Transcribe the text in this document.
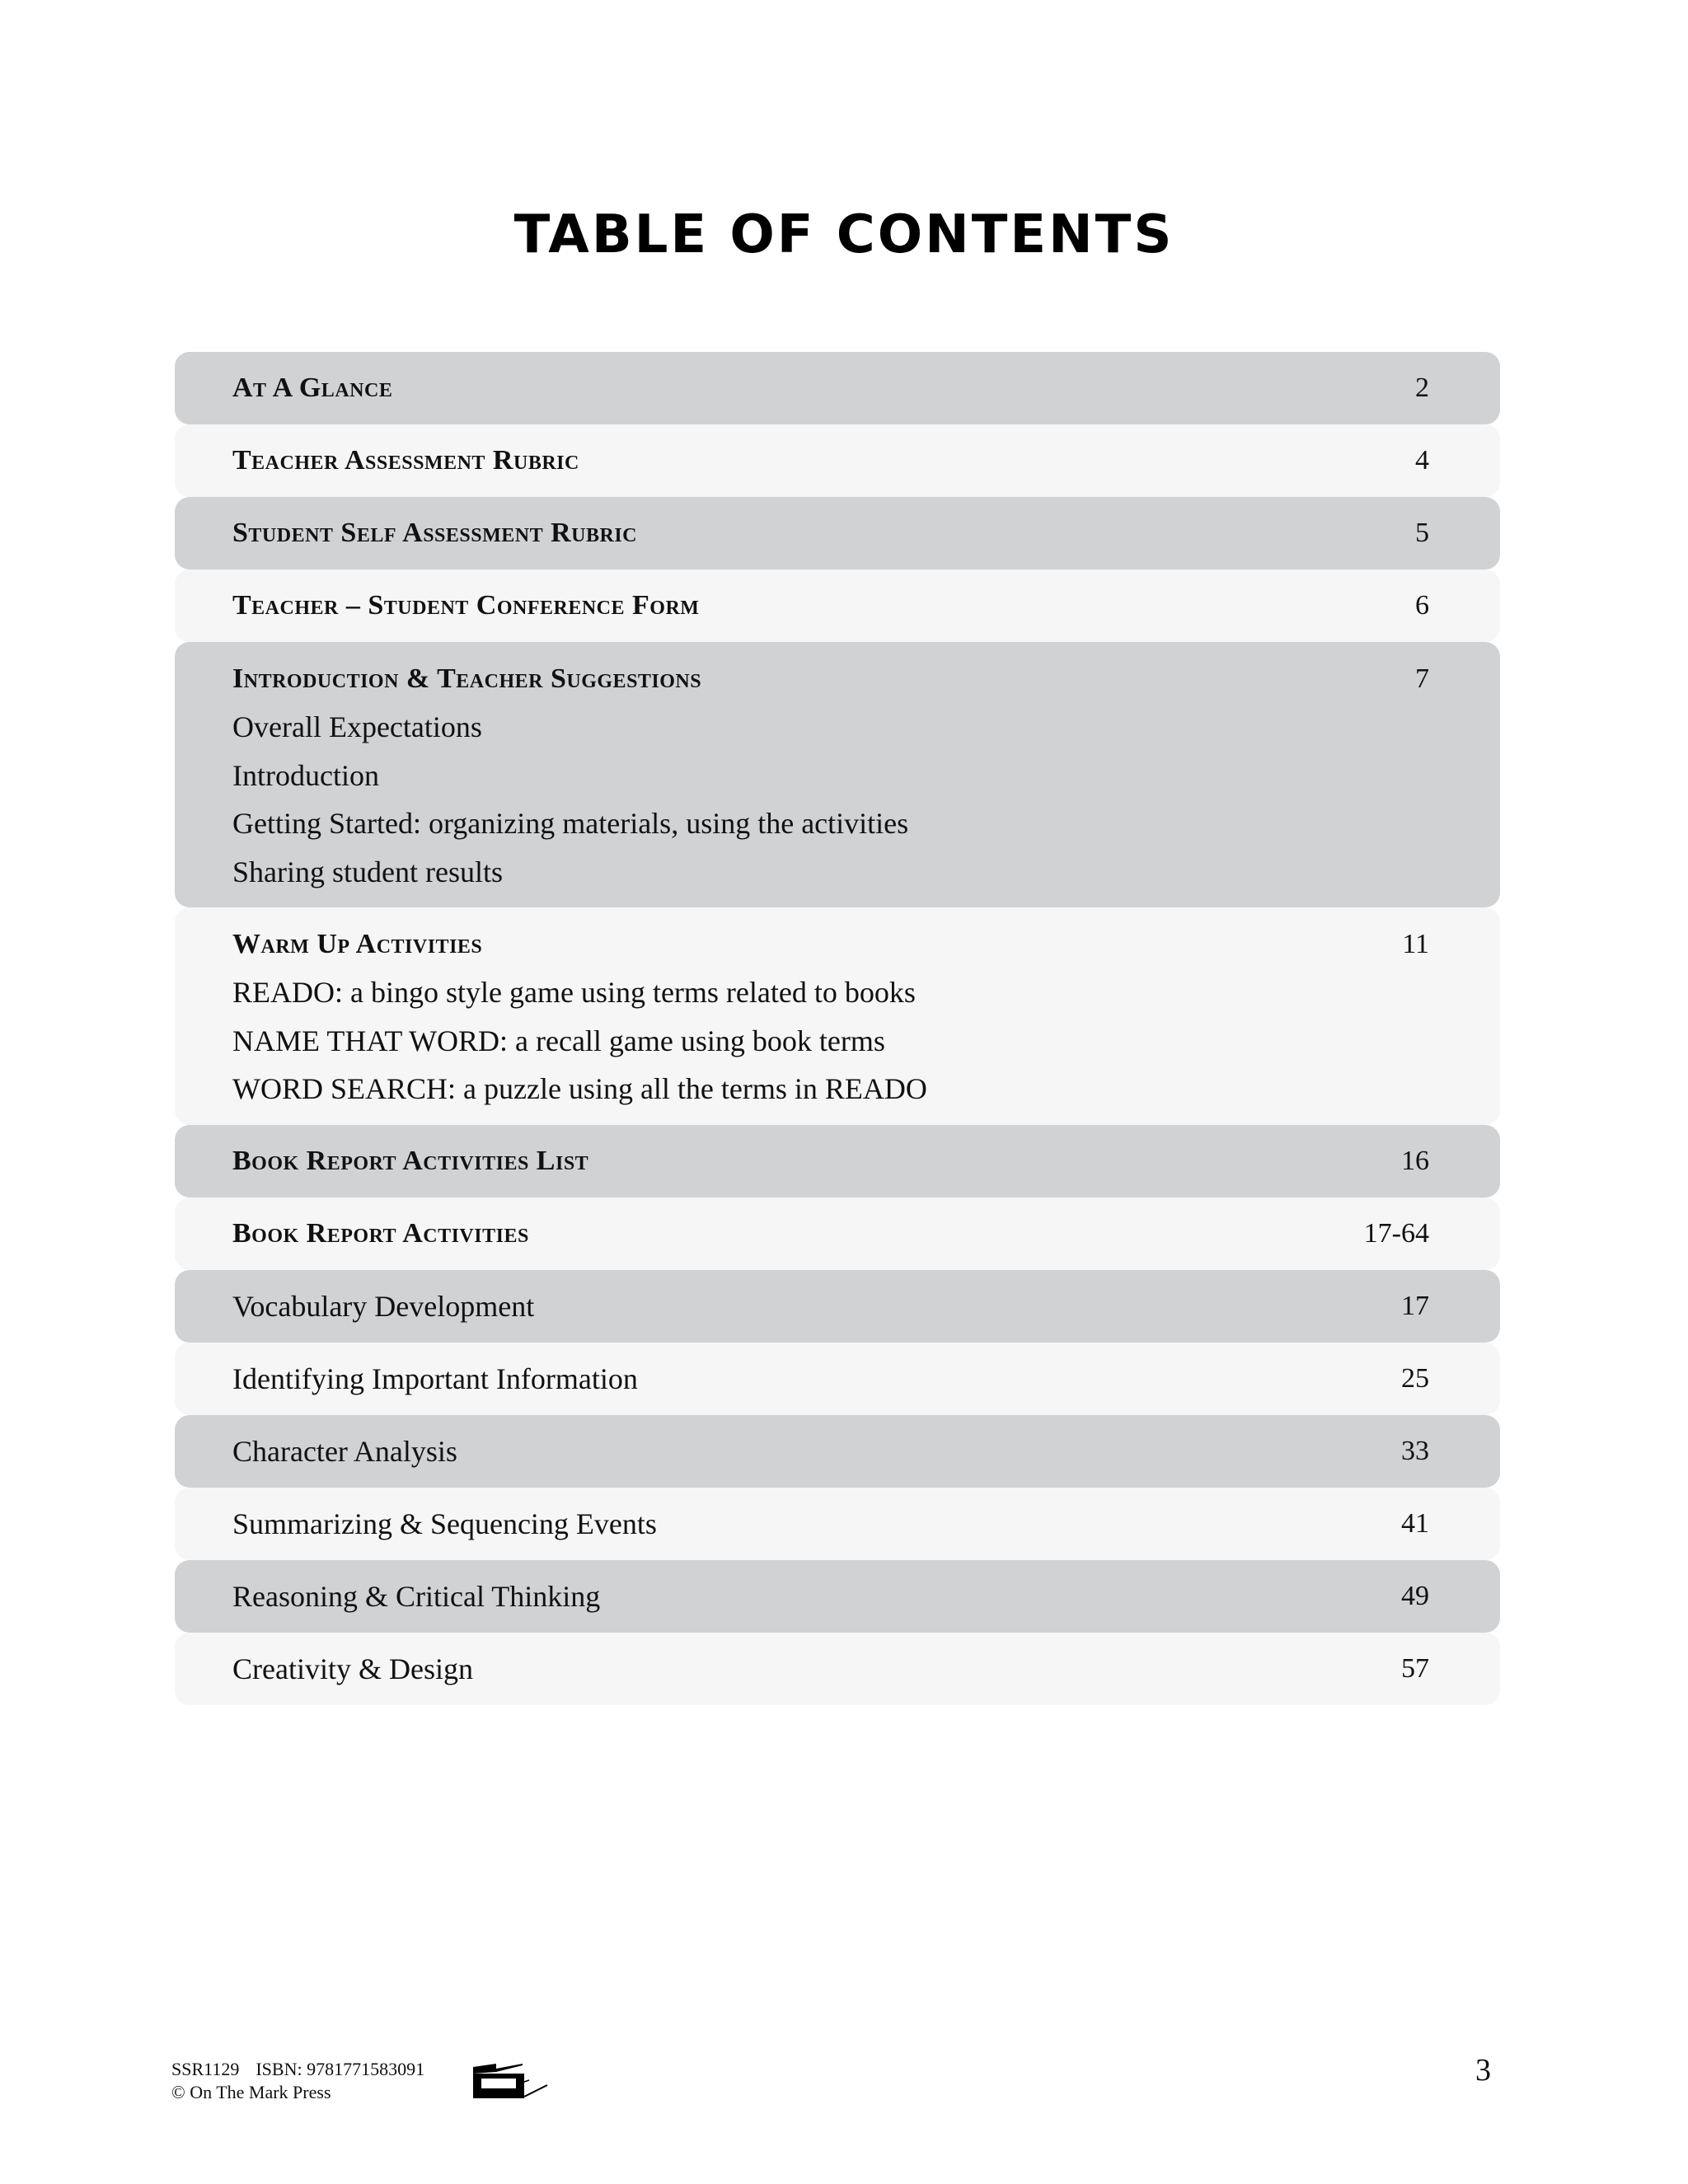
TABLE OF CONTENTS
At A Glance	2
Teacher Assessment Rubric	4
Student Self Assessment Rubric	5
Teacher – Student Conference Form	6
Introduction & Teacher Suggestions	7
Overall Expectations
Introduction
Getting Started: organizing materials, using the activities
Sharing student results
Warm Up Activities	11
READO: a bingo style game using terms related to books
NAME THAT WORD: a recall game using book terms
WORD SEARCH: a puzzle using all the terms in READO
Book Report Activities List	16
Book Report Activities	17-64
Vocabulary Development	17
Identifying Important Information	25
Character Analysis	33
Summarizing & Sequencing Events	41
Reasoning & Critical Thinking	49
Creativity & Design	57
SSR1129 ISBN: 9781771583091
© On The Mark Press
3
